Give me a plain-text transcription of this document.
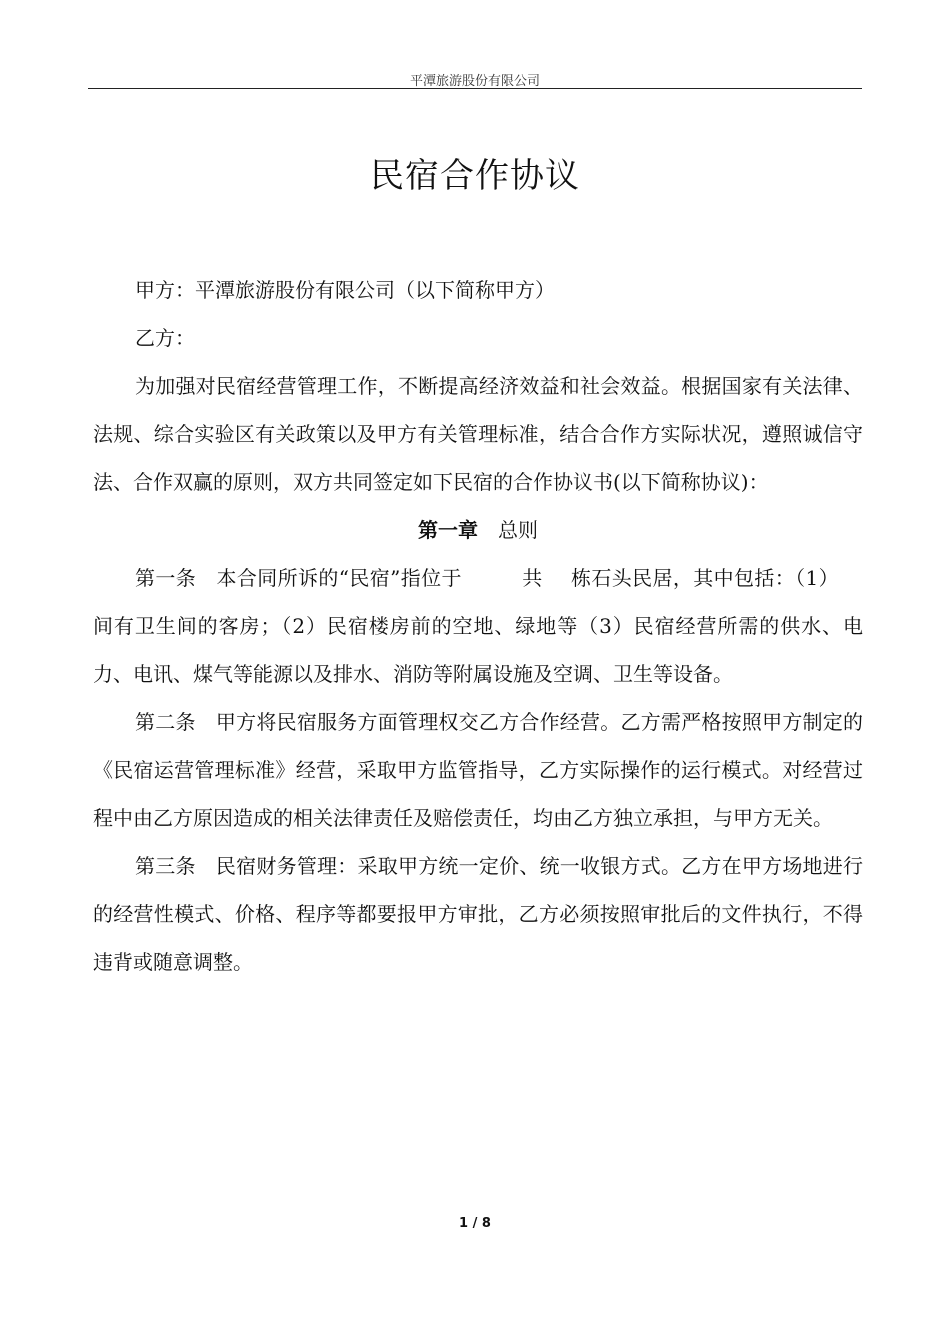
平潭旅游股份有限公司
民宿合作协议

甲方：平潭旅游股份有限公司（以下简称甲方）

乙方：

为加强对民宿经营管理工作，不断提高经济效益和社会效益。根据国家有关法律、法规、综合实验区有关政策以及甲方有关管理标准，结合合作方实际状况，遵照诚信守法、合作双赢的原则，双方共同签定如下民宿的合作协议书(以下简称协议)：

第一章 总则

第一条 本合同所诉的“民宿”指位于	共 栋石头民居，其中包括：（1）间有卫生间的客房；（2）民宿楼房前的空地、绿地等（3）民宿经营所需的供水、电力、电讯、煤气等能源以及排水、消防等附属设施及空调、卫生等设备。

第二条 甲方将民宿服务方面管理权交乙方合作经营。乙方需严格按照甲方制定的《民宿运营管理标准》经营，采取甲方监管指导，乙方实际操作的运行模式。对经营过程中由乙方原因造成的相关法律责任及赔偿责任，均由乙方独立承担，与甲方无关。

第三条 民宿财务管理：采取甲方统一定价、统一收银方式。乙方在甲方场地进行的经营性模式、价格、程序等都要报甲方审批，乙方必须按照审批后的文件执行，不得违背或随意调整。

1 / 8
